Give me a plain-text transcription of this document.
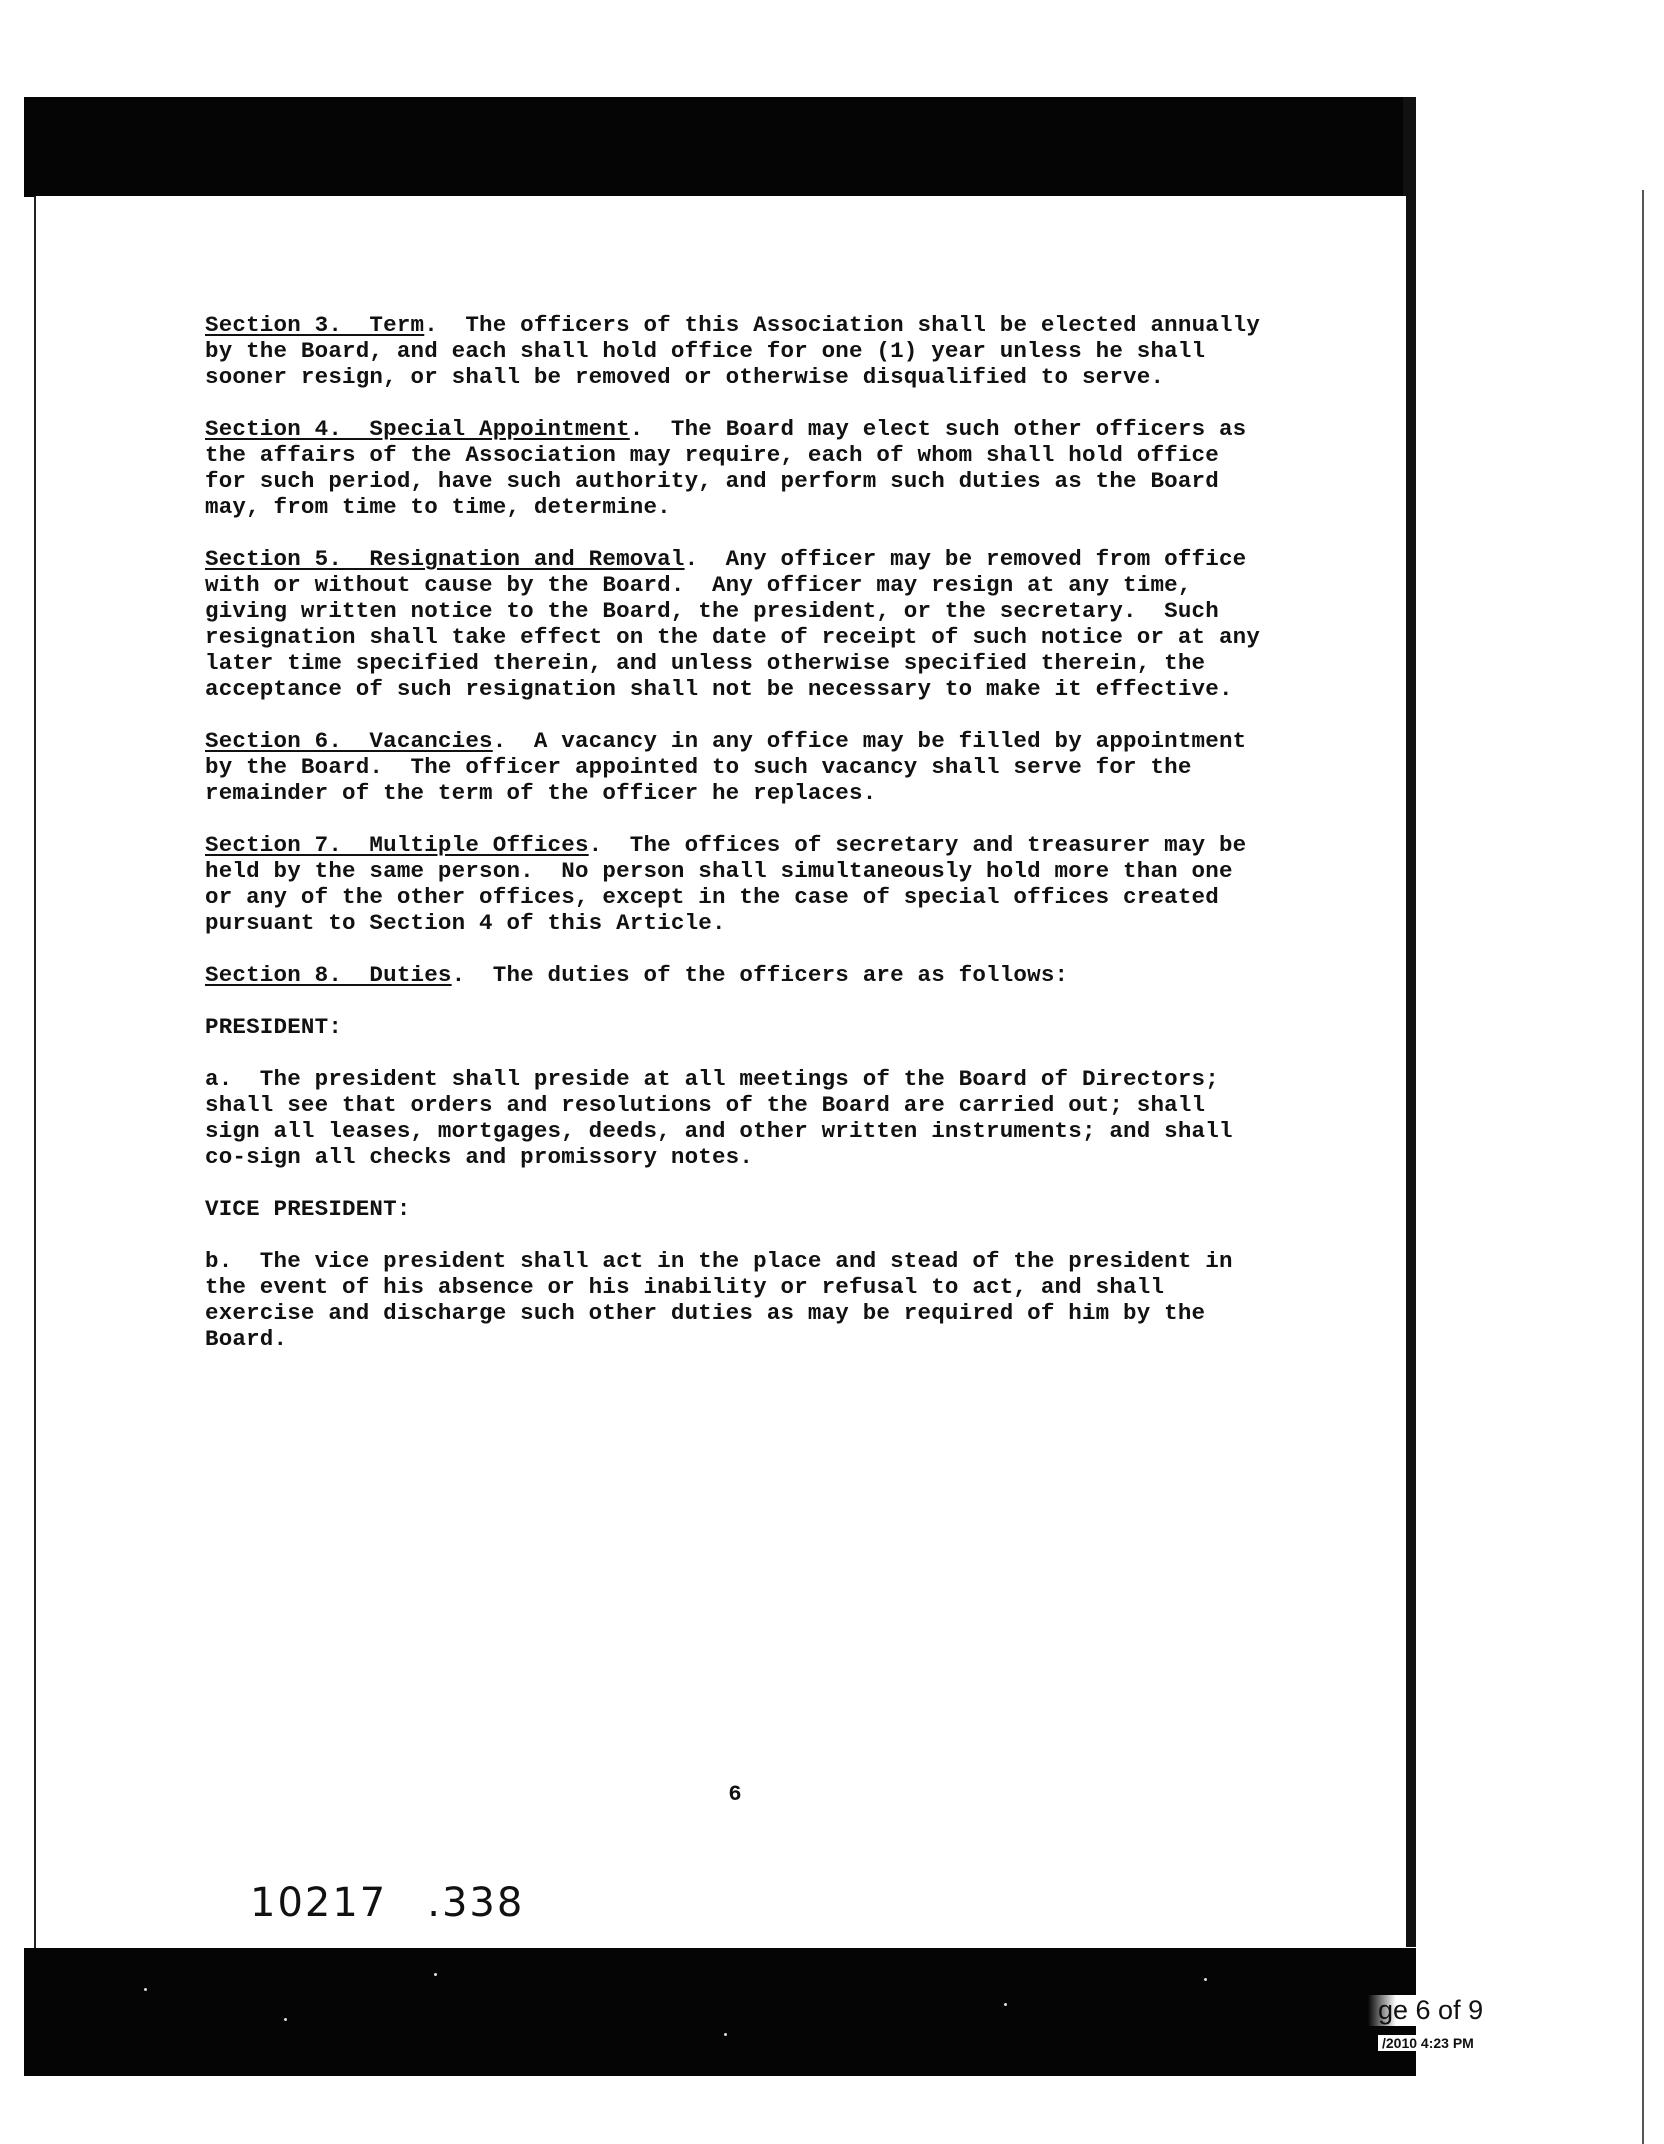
Section 3.  Term.  The officers of this Association shall be elected annually by the Board, and each shall hold office for one (1) year unless he shall sooner resign, or shall be removed or otherwise disqualified to serve.

Section 4.  Special Appointment.  The Board may elect such other officers as the affairs of the Association may require, each of whom shall hold office for such period, have such authority, and perform such duties as the Board may, from time to time, determine.

Section 5.  Resignation and Removal.  Any officer may be removed from office with or without cause by the Board.  Any officer may resign at any time, giving written notice to the Board, the president, or the secretary.  Such resignation shall take effect on the date of receipt of such notice or at any later time specified therein, and unless otherwise specified therein, the acceptance of such resignation shall not be necessary to make it effective.

Section 6.  Vacancies.  A vacancy in any office may be filled by appointment by the Board.  The officer appointed to such vacancy shall serve for the remainder of the term of the officer he replaces.

Section 7.  Multiple Offices.  The offices of secretary and treasurer may be held by the same person.  No person shall simultaneously hold more than one or any of the other offices, except in the case of special offices created pursuant to Section 4 of this Article.

Section 8.  Duties.  The duties of the officers are as follows:

PRESIDENT:

a.  The president shall preside at all meetings of the Board of Directors; shall see that orders and resolutions of the Board are carried out; shall sign all leases, mortgages, deeds, and other written instruments; and shall co-sign all checks and promissory notes.

VICE PRESIDENT:

b.  The vice president shall act in the place and stead of the president in the event of his absence or his inability or refusal to act, and shall exercise and discharge such other duties as may be required of him by the Board.

6
10217 .338
ge 6 of 9
/2010 4:23 PM
